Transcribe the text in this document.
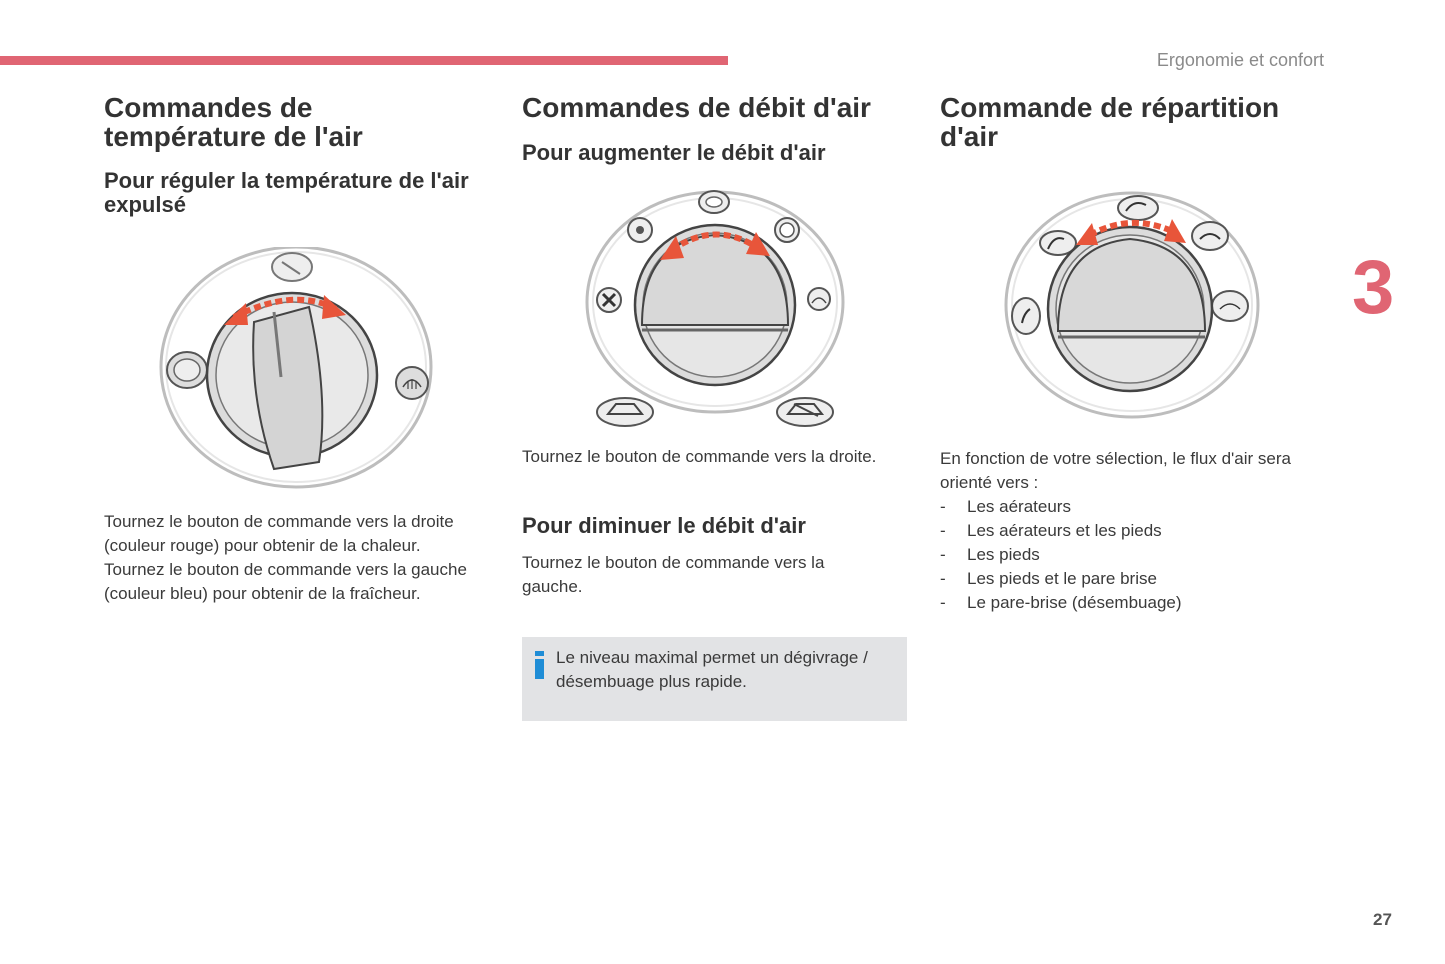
Ergonomie et confort
3
27
Commandes de température de l'air
Pour réguler la température de l'air expulsé

Tournez le bouton de commande vers la droite (couleur rouge) pour obtenir de la chaleur. Tournez le bouton de commande vers la gauche (couleur bleu) pour obtenir de la fraîcheur.

Commandes de débit d'air
Pour augmenter le débit d'air

Tournez le bouton de commande vers la droite.

Pour diminuer le débit d'air

Tournez le bouton de commande vers la gauche.

Le niveau maximal permet un dégivrage / désembuage plus rapide.

Commande de répartition d'air

En fonction de votre sélection, le flux d'air sera orienté vers :

- Les aérateurs
- Les aérateurs et les pieds
- Les pieds
- Les pieds et le pare brise
- Le pare-brise (désembuage)
